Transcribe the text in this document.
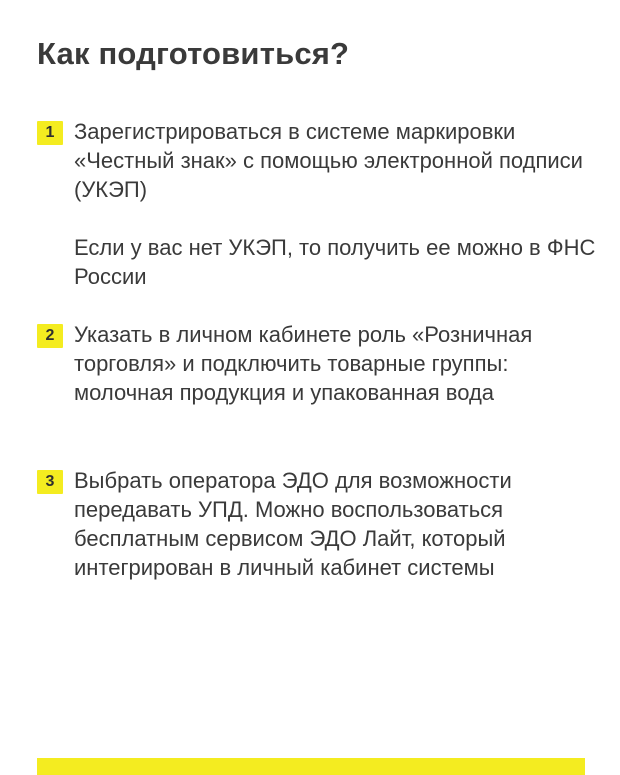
Как подготовиться?
1 Зарегистрироваться в системе маркировки «Честный знак» с помощью электронной подписи (УКЭП)

Если у вас нет УКЭП, то получить ее можно в ФНС России

2 Указать в личном кабинете роль «Розничная торговля» и подключить товарные группы: молочная продукция и упакованная вода

3 Выбрать оператора ЭДО для возможности передавать УПД. Можно воспользоваться бесплатным сервисом ЭДО Лайт, который интегрирован в личный кабинет системы
